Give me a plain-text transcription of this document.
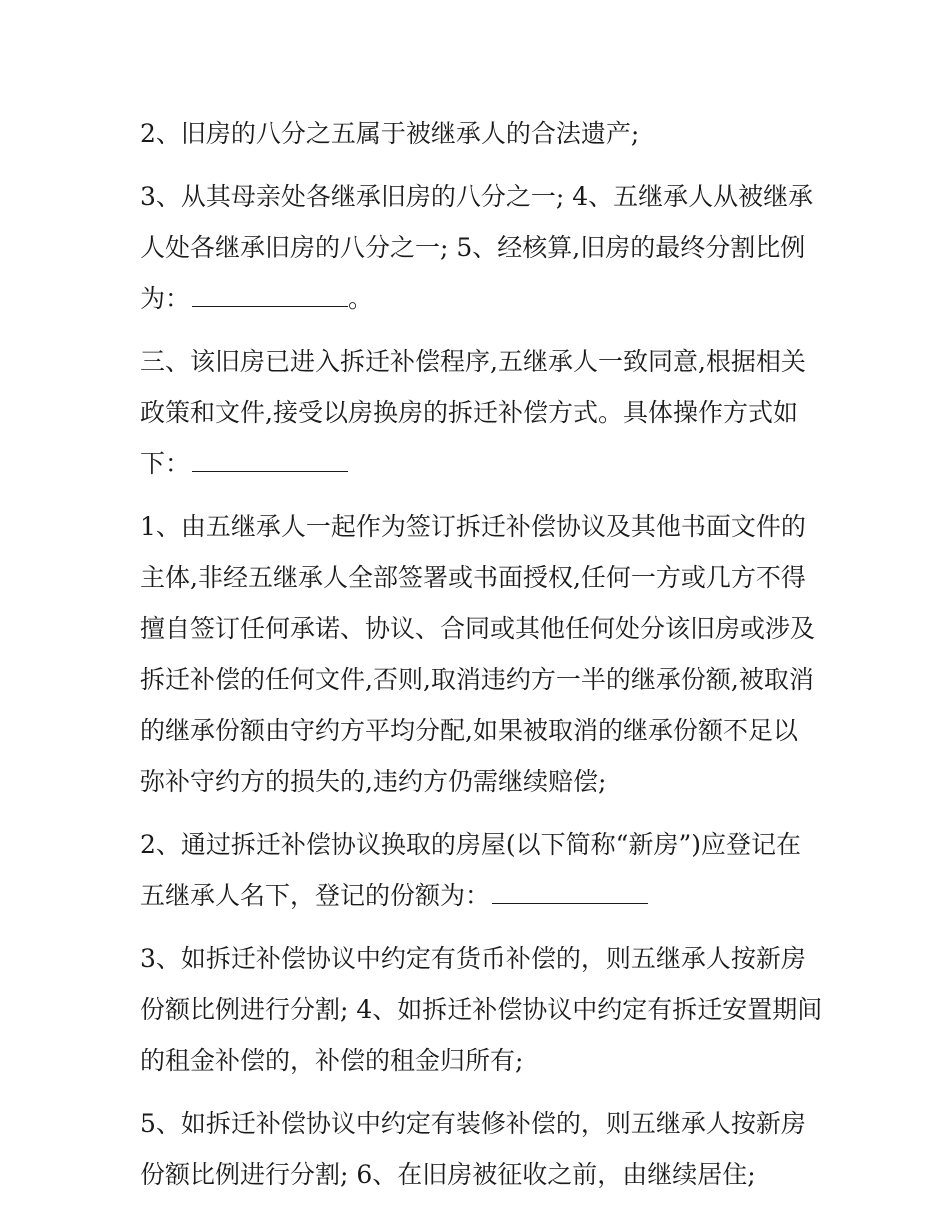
2、旧房的八分之五属于被继承人的合法遗产;

3、从其母亲处各继承旧房的八分之一; 4、五继承人从被继承
人处各继承旧房的八分之一; 5、经核算,旧房的最终分割比例
为：	。

三、该旧房已进入拆迁补偿程序,五继承人一致同意,根据相关
政策和文件,接受以房换房的拆迁补偿方式。具体操作方式如
下：

1、由五继承人一起作为签订拆迁补偿协议及其他书面文件的
主体,非经五继承人全部签署或书面授权,任何一方或几方不得
擅自签订任何承诺、协议、合同或其他任何处分该旧房或涉及
拆迁补偿的任何文件,否则,取消违约方一半的继承份额,被取消
的继承份额由守约方平均分配,如果被取消的继承份额不足以
弥补守约方的损失的,违约方仍需继续赔偿;

2、通过拆迁补偿协议换取的房屋(以下简称“新房”)应登记在
五继承人名下，登记的份额为：

3、如拆迁补偿协议中约定有货币补偿的，则五继承人按新房
份额比例进行分割; 4、如拆迁补偿协议中约定有拆迁安置期间
的租金补偿的，补偿的租金归所有;

5、如拆迁补偿协议中约定有装修补偿的，则五继承人按新房
份额比例进行分割; 6、在旧房被征收之前，由继续居住;
